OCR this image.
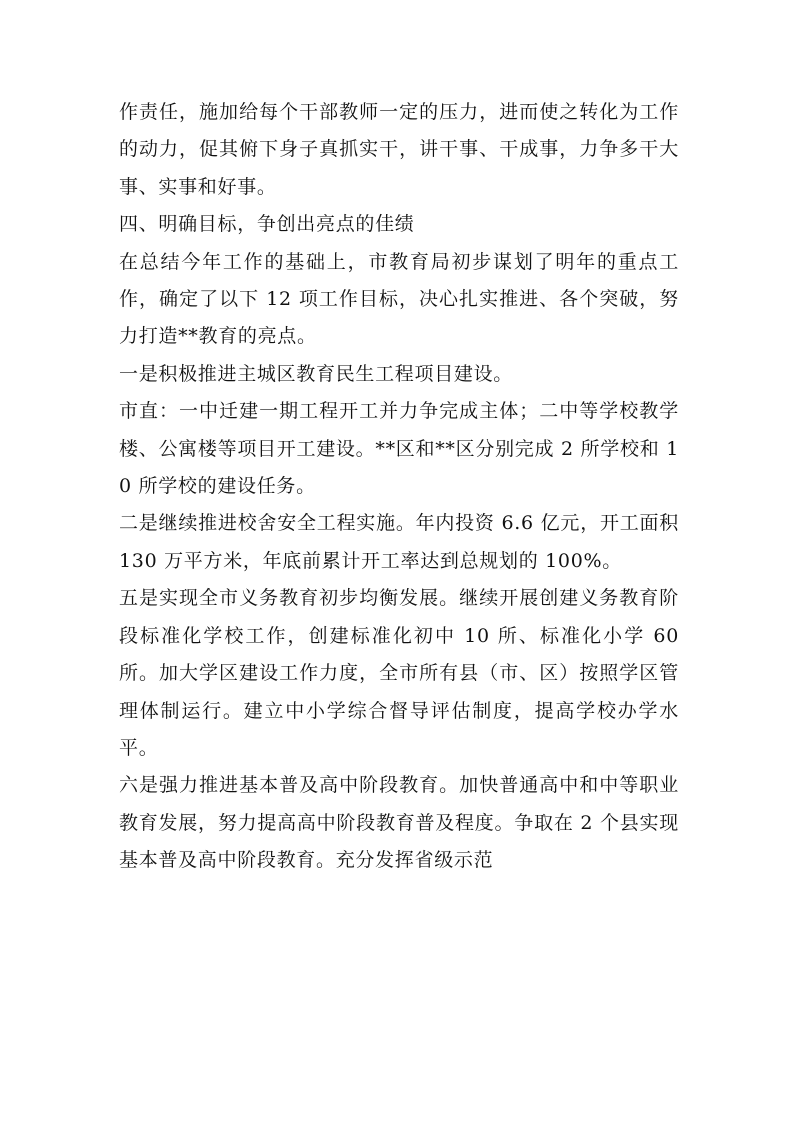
作责任，施加给每个干部教师一定的压力，进而使之转化为工作的动力，促其俯下身子真抓实干，讲干事、干成事，力争多干大事、实事和好事。

四、明确目标，争创出亮点的佳绩

在总结今年工作的基础上，市教育局初步谋划了明年的重点工作，确定了以下 12 项工作目标，决心扎实推进、各个突破，努力打造**教育的亮点。

一是积极推进主城区教育民生工程项目建设。

市直：一中迁建一期工程开工并力争完成主体；二中等学校教学楼、公寓楼等项目开工建设。**区和**区分别完成 2 所学校和 10 所学校的建设任务。

二是继续推进校舍安全工程实施。年内投资 6.6 亿元，开工面积 130 万平方米，年底前累计开工率达到总规划的 100%。

五是实现全市义务教育初步均衡发展。继续开展创建义务教育阶段标准化学校工作，创建标准化初中 10 所、标准化小学 60 所。加大学区建设工作力度，全市所有县（市、区）按照学区管理体制运行。建立中小学综合督导评估制度，提高学校办学水平。

六是强力推进基本普及高中阶段教育。加快普通高中和中等职业教育发展，努力提高高中阶段教育普及程度。争取在 2 个县实现基本普及高中阶段教育。充分发挥省级示范
